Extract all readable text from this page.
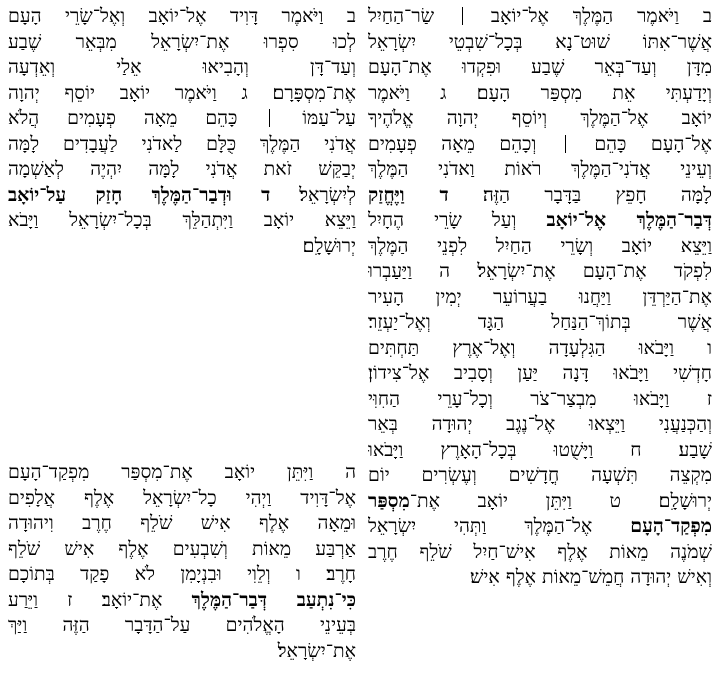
ב וַיֹּאמֶר הַמֶּלֶךְ אֶל־יוֹאָב  שַׂר־הַחַיִל
אֲשֶׁר־אִתּוֹ שׁוּט־נָא בְּכָל־שִׁבְטֵי יִשְׂרָאֵל
מִדָּן וְעַד־בְּאֵר שֶׁבַע וּפִקְדוּ אֶת־הָעָם
וְיָדַעְתִּי אֵת מִסְפַּר הָעָם׃ ג וַיֹּאמֶר
יוֹאָב אֶל־הַמֶּלֶךְ וְיוֹסֵף יְהוָה אֱלֹהֶיךָ
אֶל־הָעָם כָּהֵם  וְכָהֵם מֵאָה פְעָמִים
וְעֵינֵי אֲדֹנִי־הַמֶּלֶךְ רֹאוֹת וַאדֹנִי הַמֶּלֶךְ
לָמָּה חָפֵץ בַּדָּבָר הַזֶּה׃ ד וַיֶּחֱזַק
דְּבַר־הַמֶּלֶךְ אֶל־יוֹאָב וְעַל שָׂרֵי הֶחָיִל
וַיֵּצֵא יוֹאָב וְשָׂרֵי הַחַיִל לִפְנֵי הַמֶּלֶךְ
לִפְקֹד אֶת־הָעָם אֶת־יִשְׂרָאֵל׃ ה וַיַּעַבְרוּ
אֶת־הַיַּרְדֵּן וַיַּחֲנוּ בַעֲרוֹעֵר יְמִין הָעִיר
אֲשֶׁר בְּתוֹךְ־הַנַּחַל הַגָּד וְאֶל־יַעְזֵר׃
ו וַיָּבֹאוּ הַגִּלְעָדָה וְאֶל־אֶרֶץ תַּחְתִּים
חָדְשִׁי וַיָּבֹאוּ דָּנָה יַּעַן וְסָבִיב אֶל־צִידוֹן׃
ז וַיָּבֹאוּ מִבְצַר־צֹר וְכָל־עָרֵי הַחִוִּי
וְהַכְּנַעֲנִי וַיֵּצְאוּ אֶל־נֶגֶב יְהוּדָה בְּאֵר
שָׁבַע׃ ח וַיָּשֻׁטוּ בְּכָל־הָאָרֶץ וַיָּבֹאוּ
מִקְצֵה תִּשְׁעָה חֳדָשִׁים וְעֶשְׂרִים יוֹם
יְרוּשָׁלִָם׃ ט וַיִּתֵּן יוֹאָב אֶת־מִסְפַּר
מִפְקַד־הָעָם אֶל־הַמֶּלֶךְ וַתְּהִי יִשְׂרָאֵל
שְׁמֹנֶה מֵאוֹת אֶלֶף אִישׁ־חַיִל שֹׁלֵף חֶרֶב
וְאִישׁ יְהוּדָה חֲמֵשׁ־מֵאוֹת אֶלֶף אִישׁ׃
ב וַיֹּאמֶר דָּוִיד אֶל־יוֹאָב וְאֶל־שָׂרֵי הָעָם
לְכוּ סִפְרוּ אֶת־יִשְׂרָאֵל מִבְּאֵר שֶׁבַע
וְעַד־דָּן וְהָבִיאוּ אֵלַי וְאֵדְעָה
אֶת־מִסְפָּרָם׃ ג וַיֹּאמֶר יוֹאָב יוֹסֵף יְהוָה
עַל־עַמּוֹ  כָּהֵם מֵאָה פְעָמִים הֲלֹא
אֲדֹנִי הַמֶּלֶךְ כֻּלָּם לַאדֹנִי לַעֲבָדִים לָמָּה
יְבַקֵּשׁ זֹאת אֲדֹנִי לָמָּה יִהְיֶה לְאַשְׁמָה
לְיִשְׂרָאֵל׃ ד וּדְבַר־הַמֶּלֶךְ חָזַק עַל־יוֹאָב
וַיֵּצֵא יוֹאָב וַיִּתְהַלֵּךְ בְּכָל־יִשְׂרָאֵל וַיָּבֹא
יְרוּשָׁלִָם׃
ה וַיִּתֵּן יוֹאָב אֶת־מִסְפַּר מִפְקַד־הָעָם
אֶל־דָּוִיד וַיְהִי כָל־יִשְׂרָאֵל אֶלֶף אֲלָפִים
וּמֵאָה אֶלֶף אִישׁ שֹׁלֵף חֶרֶב וִיהוּדָה
אַרְבַּע מֵאוֹת וְשִׁבְעִים אֶלֶף אִישׁ שֹׁלֵף
חָרֶב׃ ו וְלֵוִי וּבִנְיָמִן לֹא פָקַד בְּתוֹכָם
כִּי־נִתְעַב דְּבַר־הַמֶּלֶךְ אֶת־יוֹאָב׃ ז וַיֵּרַע
בְּעֵינֵי הָאֱלֹהִים עַל־הַדָּבָר הַזֶּה וַיַּךְ
אֶת־יִשְׂרָאֵל׃
